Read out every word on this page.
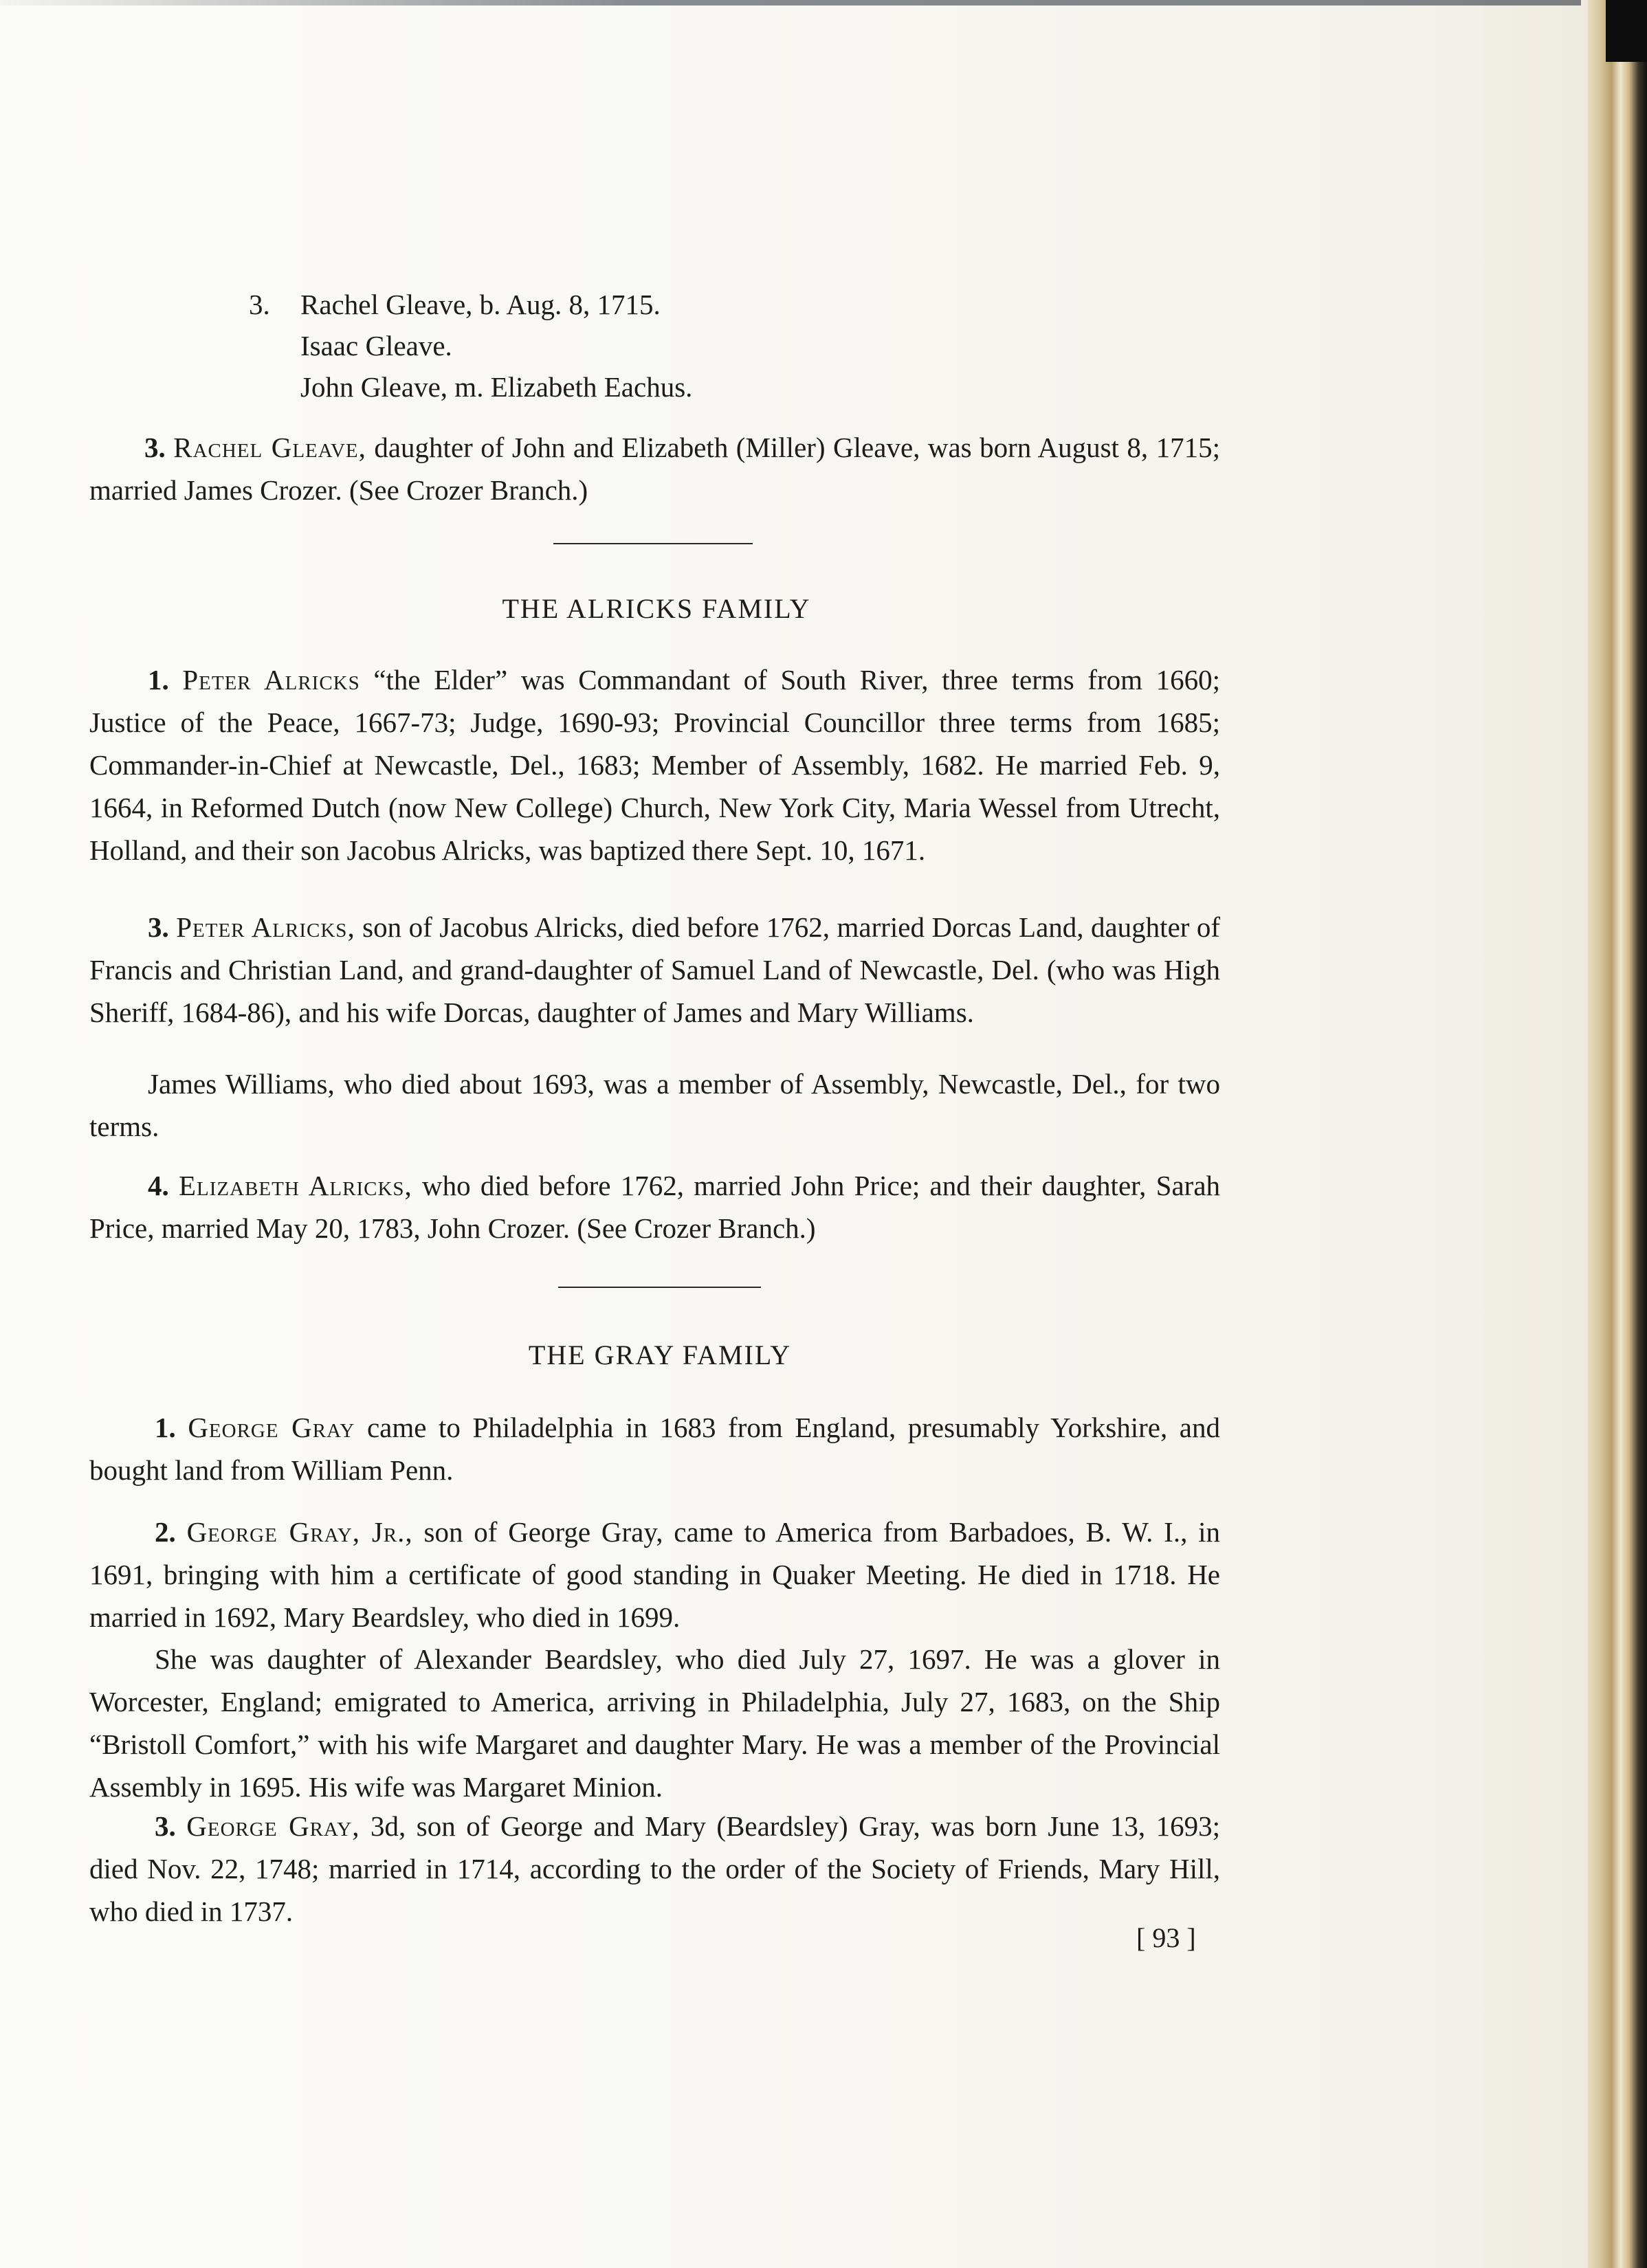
3. Rachel Gleave, b. Aug. 8, 1715.
Isaac Gleave.
John Gleave, m. Elizabeth Eachus.

3. Rachel Gleave, daughter of John and Elizabeth (Miller) Gleave, was born August 8, 1715; married James Crozer. (See Crozer Branch.)

THE ALRICKS FAMILY

1. Peter Alricks “the Elder” was Commandant of South River, three terms from 1660; Justice of the Peace, 1667-73; Judge, 1690-93; Provincial Councillor three terms from 1685; Commander-in-Chief at Newcastle, Del., 1683; Member of Assembly, 1682. He married Feb. 9, 1664, in Reformed Dutch (now New College) Church, New York City, Maria Wessel from Utrecht, Holland, and their son Jacobus Alricks, was baptized there Sept. 10, 1671.

3. Peter Alricks, son of Jacobus Alricks, died before 1762, married Dorcas Land, daughter of Francis and Christian Land, and grand-daughter of Samuel Land of Newcastle, Del. (who was High Sheriff, 1684-86), and his wife Dorcas, daughter of James and Mary Williams.

James Williams, who died about 1693, was a member of Assembly, Newcastle, Del., for two terms.

4. Elizabeth Alricks, who died before 1762, married John Price; and their daughter, Sarah Price, married May 20, 1783, John Crozer. (See Crozer Branch.)

THE GRAY FAMILY

1. George Gray came to Philadelphia in 1683 from England, presumably Yorkshire, and bought land from William Penn.

2. George Gray, Jr., son of George Gray, came to America from Barbadoes, B. W. I., in 1691, bringing with him a certificate of good standing in Quaker Meeting. He died in 1718. He married in 1692, Mary Beardsley, who died in 1699.

She was daughter of Alexander Beardsley, who died July 27, 1697. He was a glover in Worcester, England; emigrated to America, arriving in Philadelphia, July 27, 1683, on the Ship “Bristoll Comfort,” with his wife Margaret and daughter Mary. He was a member of the Provincial Assembly in 1695. His wife was Margaret Minion.

3. George Gray, 3d, son of George and Mary (Beardsley) Gray, was born June 13, 1693; died Nov. 22, 1748; married in 1714, according to the order of the Society of Friends, Mary Hill, who died in 1737.

[ 93 ]
